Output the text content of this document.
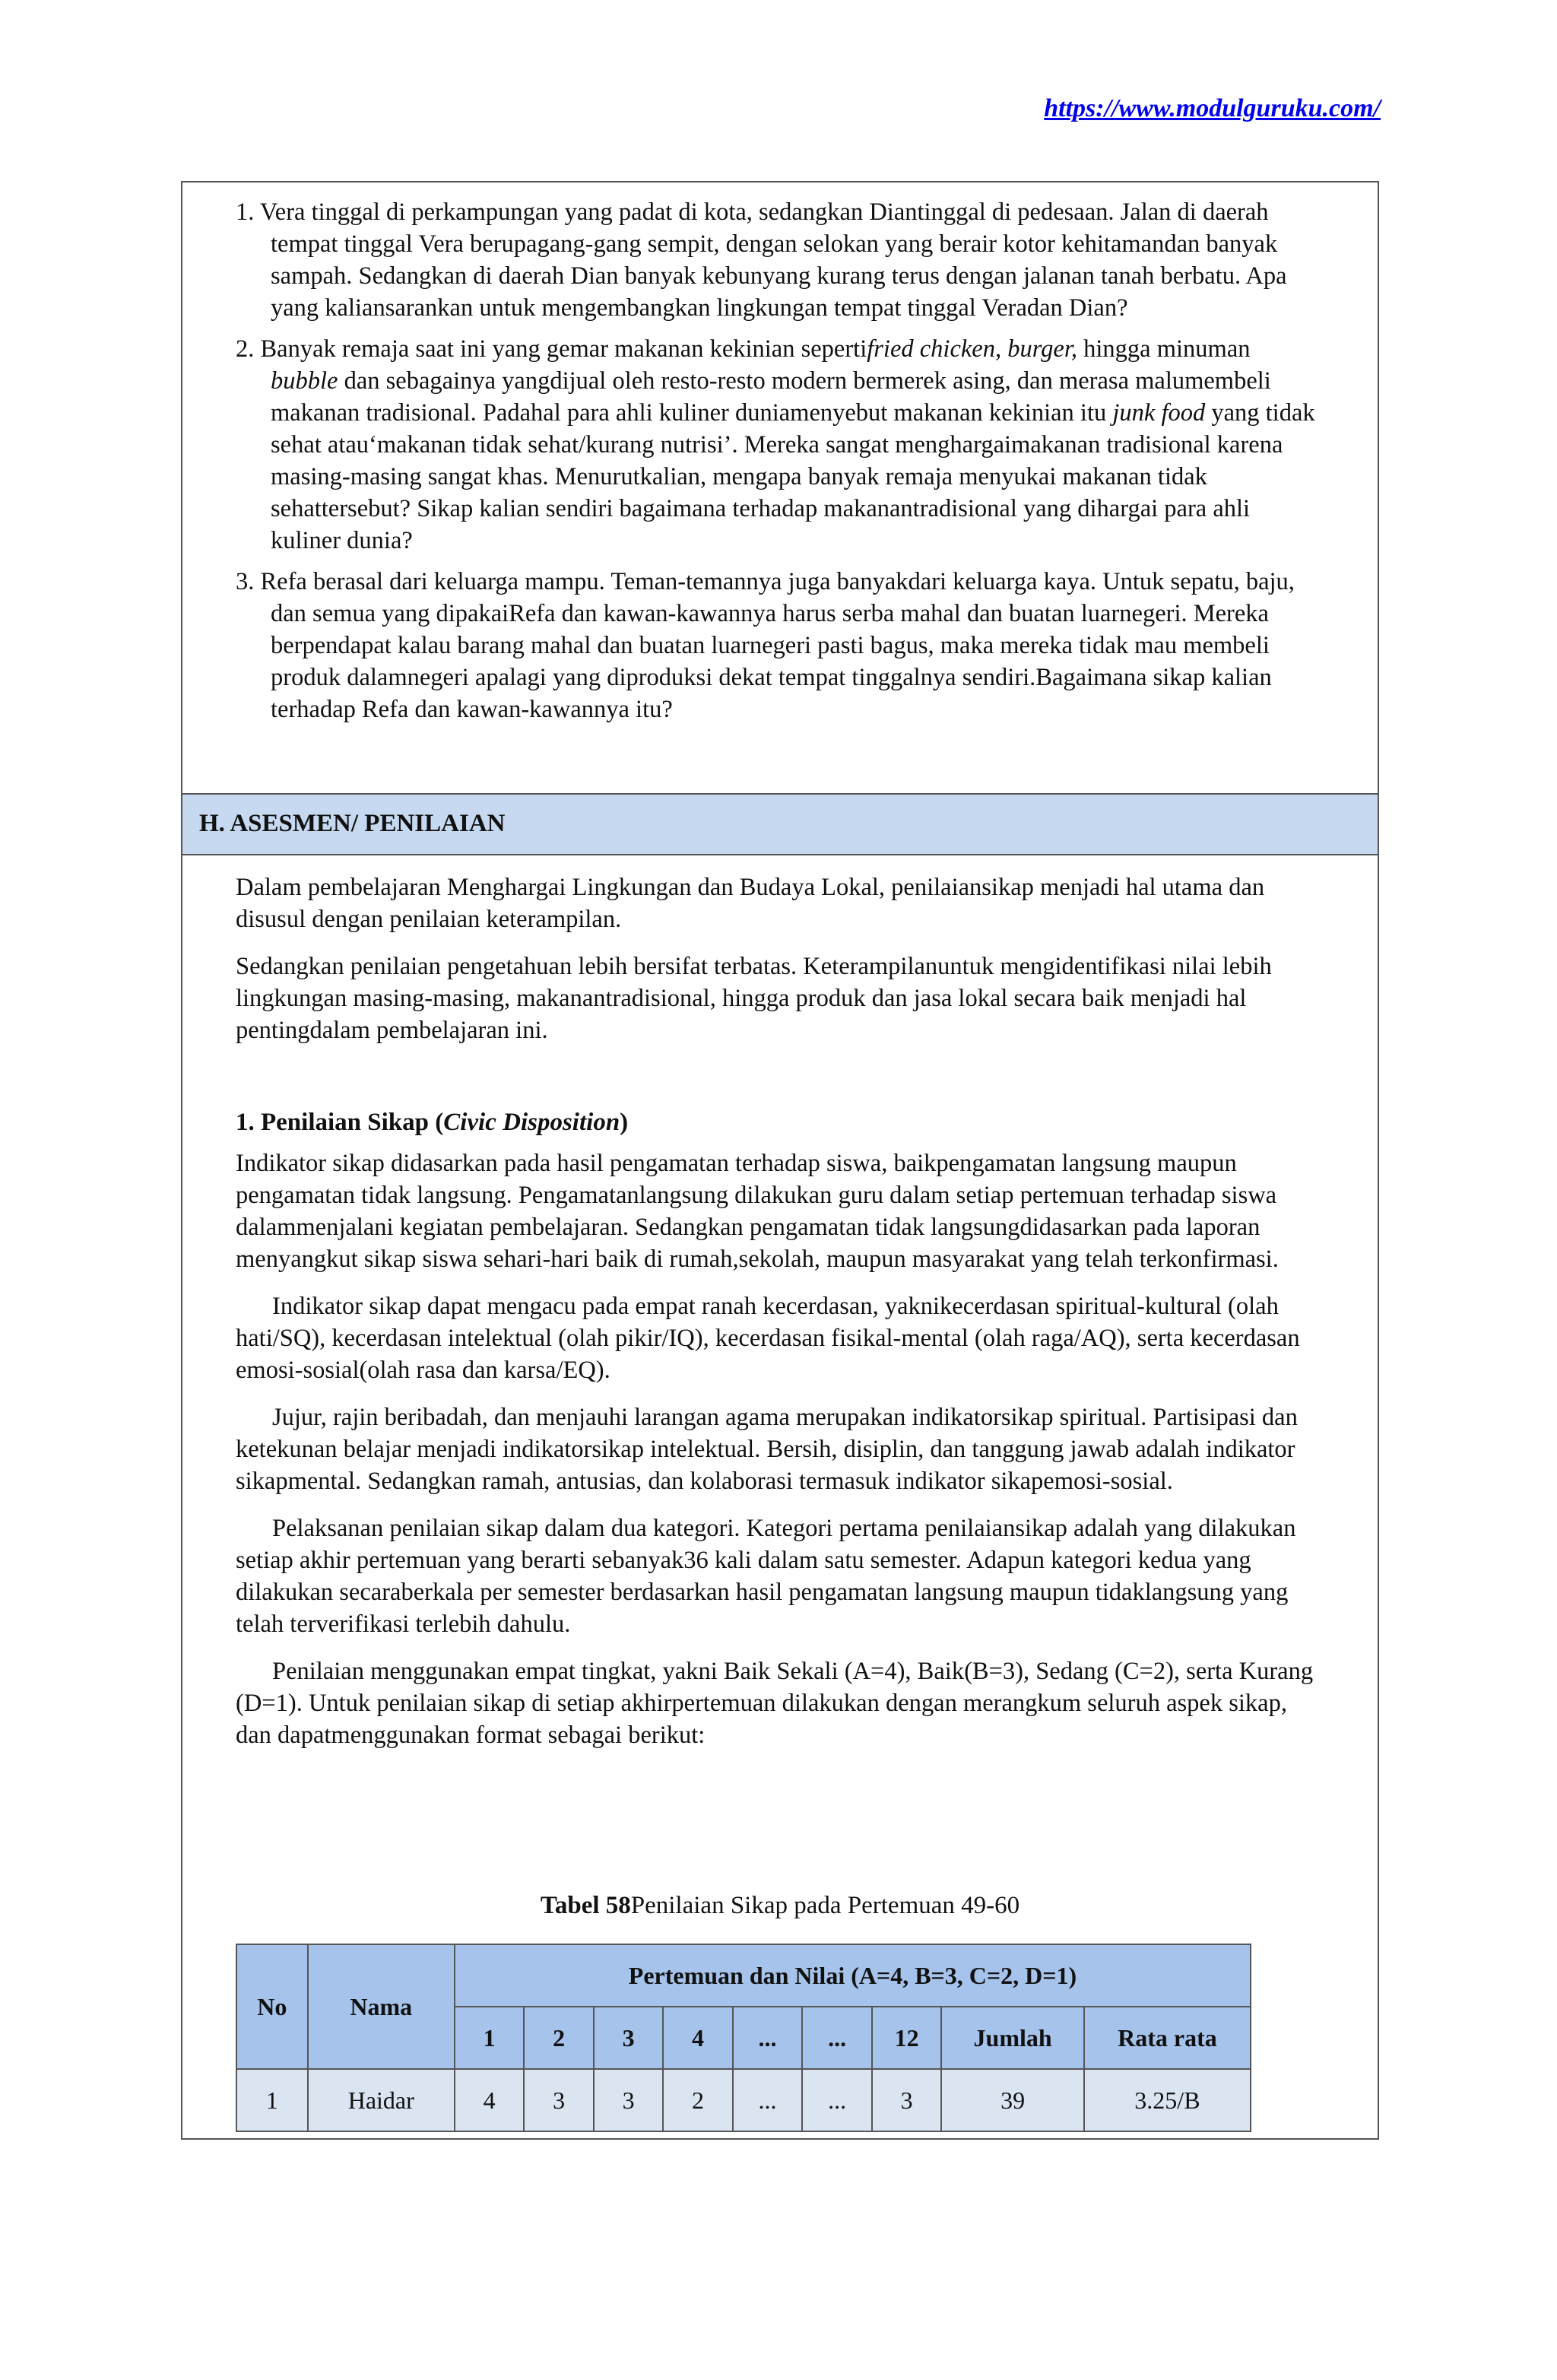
https://www.modulguruku.com/

1. Vera tinggal di perkampungan yang padat di kota, sedangkan Diantinggal di pedesaan. Jalan di daerah tempat tinggal Vera berupagang-gang sempit, dengan selokan yang berair kotor kehitamandan banyak sampah. Sedangkan di daerah Dian banyak kebunyang kurang terus dengan jalanan tanah berbatu. Apa yang kaliansarankan untuk mengembangkan lingkungan tempat tinggal Veradan Dian?

2. Banyak remaja saat ini yang gemar makanan kekinian sepertifried chicken, burger, hingga minuman bubble dan sebagainya yangdijual oleh resto-resto modern bermerek asing, dan merasa malumembeli makanan tradisional. Padahal para ahli kuliner duniamenyebut makanan kekinian itu junk food yang tidak sehat atau‘makanan tidak sehat/kurang nutrisi’. Mereka sangat menghargaimakanan tradisional karena masing-masing sangat khas. Menurutkalian, mengapa banyak remaja menyukai makanan tidak sehattersebut? Sikap kalian sendiri bagaimana terhadap makanantradisional yang dihargai para ahli kuliner dunia?

3. Refa berasal dari keluarga mampu. Teman-temannya juga banyakdari keluarga kaya. Untuk sepatu, baju, dan semua yang dipakaiRefa dan kawan-kawannya harus serba mahal dan buatan luarnegeri. Mereka berpendapat kalau barang mahal dan buatan luarnegeri pasti bagus, maka mereka tidak mau membeli produk dalamnegeri apalagi yang diproduksi dekat tempat tinggalnya sendiri.Bagaimana sikap kalian terhadap Refa dan kawan-kawannya itu?

H. ASESMEN/ PENILAIAN

Dalam pembelajaran Menghargai Lingkungan dan Budaya Lokal, penilaiansikap menjadi hal utama dan disusul dengan penilaian keterampilan.

Sedangkan penilaian pengetahuan lebih bersifat terbatas. Keterampilanuntuk mengidentifikasi nilai lebih lingkungan masing-masing, makanantradisional, hingga produk dan jasa lokal secara baik menjadi hal pentingdalam pembelajaran ini.

1. Penilaian Sikap (Civic Disposition)

Indikator sikap didasarkan pada hasil pengamatan terhadap siswa, baikpengamatan langsung maupun pengamatan tidak langsung. Pengamatanlangsung dilakukan guru dalam setiap pertemuan terhadap siswa dalammenjalani kegiatan pembelajaran. Sedangkan pengamatan tidak langsungdidasarkan pada laporan menyangkut sikap siswa sehari-hari baik di rumah,sekolah, maupun masyarakat yang telah terkonfirmasi.

Indikator sikap dapat mengacu pada empat ranah kecerdasan, yaknikecerdasan spiritual-kultural (olah hati/SQ), kecerdasan intelektual (olah pikir/IQ), kecerdasan fisikal-mental (olah raga/AQ), serta kecerdasan emosi-sosial(olah rasa dan karsa/EQ).

Jujur, rajin beribadah, dan menjauhi larangan agama merupakan indikatorsikap spiritual. Partisipasi dan ketekunan belajar menjadi indikatorsikap intelektual. Bersih, disiplin, dan tanggung jawab adalah indikator sikapmental. Sedangkan ramah, antusias, dan kolaborasi termasuk indikator sikapemosi-sosial.

Pelaksanan penilaian sikap dalam dua kategori. Kategori pertama penilaiansikap adalah yang dilakukan setiap akhir pertemuan yang berarti sebanyak36 kali dalam satu semester. Adapun kategori kedua yang dilakukan secaraberkala per semester berdasarkan hasil pengamatan langsung maupun tidaklangsung yang telah terverifikasi terlebih dahulu.

Penilaian menggunakan empat tingkat, yakni Baik Sekali (A=4), Baik(B=3), Sedang (C=2), serta Kurang (D=1). Untuk penilaian sikap di setiap akhirpertemuan dilakukan dengan merangkum seluruh aspek sikap, dan dapatmenggunakan format sebagai berikut:

Tabel 58Penilaian Sikap pada Pertemuan 49-60

No	Nama	Pertemuan dan Nilai (A=4, B=3, C=2, D=1)								
		1	2	3	4	...	...	12	Jumlah	Rata rata
1	Haidar	4	3	3	2	...	...	3	39	3.25/B
